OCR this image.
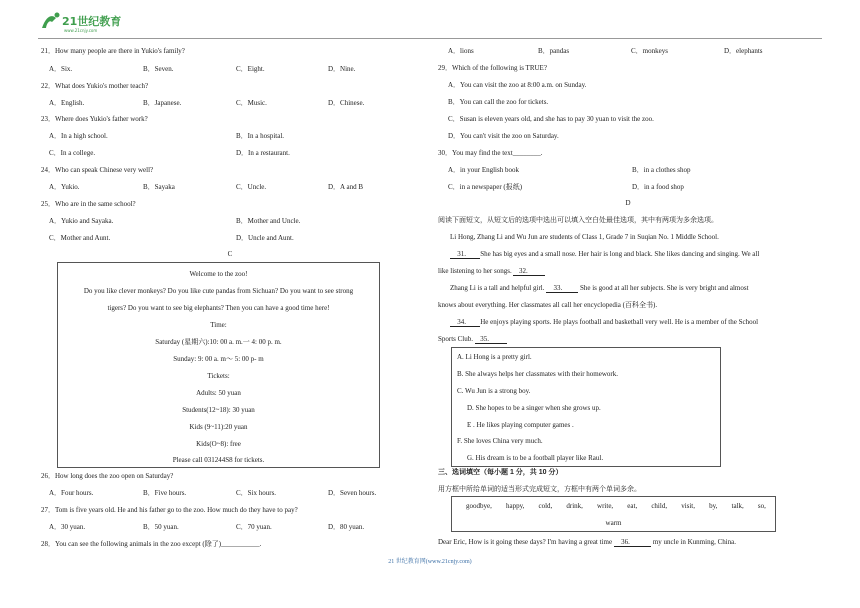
21世纪教育
www.21cnjy.com
21．How many people are there in Yukio's family?
A．Six.	B．Seven.	C．Eight.	D．Nine.
22．What does Yukio's mother teach?
A．English.	B．Japanese.	C．Music.	D．Chinese.
23．Where does Yukio's father work?
A．In a high school.	B．In a hospital.
C．In a college.	D．In a restaurant.
24．Who can speak Chinese very well?
A．Yukio.	B．Sayaka	C．Uncle.	D．A and B
25．Who are in the same school?
A．Yukio and Sayaka.	B．Mother and Uncle.
C．Mother and Aunt.	D．Uncle and Aunt.
C
Welcome to the zoo!
Do you like clever monkeys? Do you like cute pandas from Sichuan? Do you want to see strong
tigers? Do you want to see big elephants? Then you can have a good time here!
Time:
Saturday (星期六):10: 00 a. m.一 4: 00 p. m.
Sunday: 9: 00 a. m～ 5: 00 p- m
Tickets:
Adults: 50 yuan
Students(12~18): 30 yuan
Kids (9~11):20 yuan
Kids(O~8): free
Please call 031244S8 for tickets.
26．How long does the zoo open on Saturday?
A．Four hours.	B．Five hours.	C．Six hours.	D．Seven hours.
27．Tom is five years old. He and his father go to the zoo. How much do they have to pay?
A．30 yuan.	B．50 yuan.	C．70 yuan.	D．80 yuan.
28．You can see the following animals in the zoo except (除了)___________.
A．lions	B．pandas	C．monkeys	D．elephants
29．Which of the following is TRUE?
A．You can visit the zoo at 8:00 a.m. on Sunday.
B．You can call the zoo for tickets.
C．Susan is eleven years old, and she has to pay 30 yuan to visit the zoo.
D．You can't visit the zoo on Saturday.
30．You may find the text________.
A．in your English book	B．in a clothes shop
C．in a newspaper (报纸)	D．in a food shop
D
阅读下面短文，从短文后的选项中选出可以填入空白处最佳选项，其中有两项为多余选项。
Li Hong, Zhang Li and Wu Jun are students of Class 1, Grade 7 in Suqian No. 1 Middle School.
31. She has big eyes and a small nose. Her hair is long and black. She likes dancing and singing. We all
like listening to her songs. 32.
Zhang Li is a tall and helpful girl. 33.	She is good at all her subjects. She is very bright and almost
knows about everything. Her classmates all call her encyclopedia (百科全书).
34. He enjoys playing sports. He plays football and basketball very well. He is a member of the School
Sports Club. 35.
A. Li Hong is a pretty girl.
B. She always helps her classmates with their homework.
C. Wu Jun is a strong boy.
D. She hopes to be a singer when she grows up.
E . He likes playing computer games .
F. She loves China very much.
G. His dream is to be a football player like Raul.
三、选词填空（每小题 1 分，共 10 分）
用方框中所给单词的适当形式完成短文，方框中有两个单词多余。
goodbye, happy, cold, drink, write, eat, child, visit, by, talk, so,
warm
Dear Eric, How is it going these days? I'm having a great time 36.	my uncle in Kunming, China.
21 世纪教育网(www.21cnjy.com)
